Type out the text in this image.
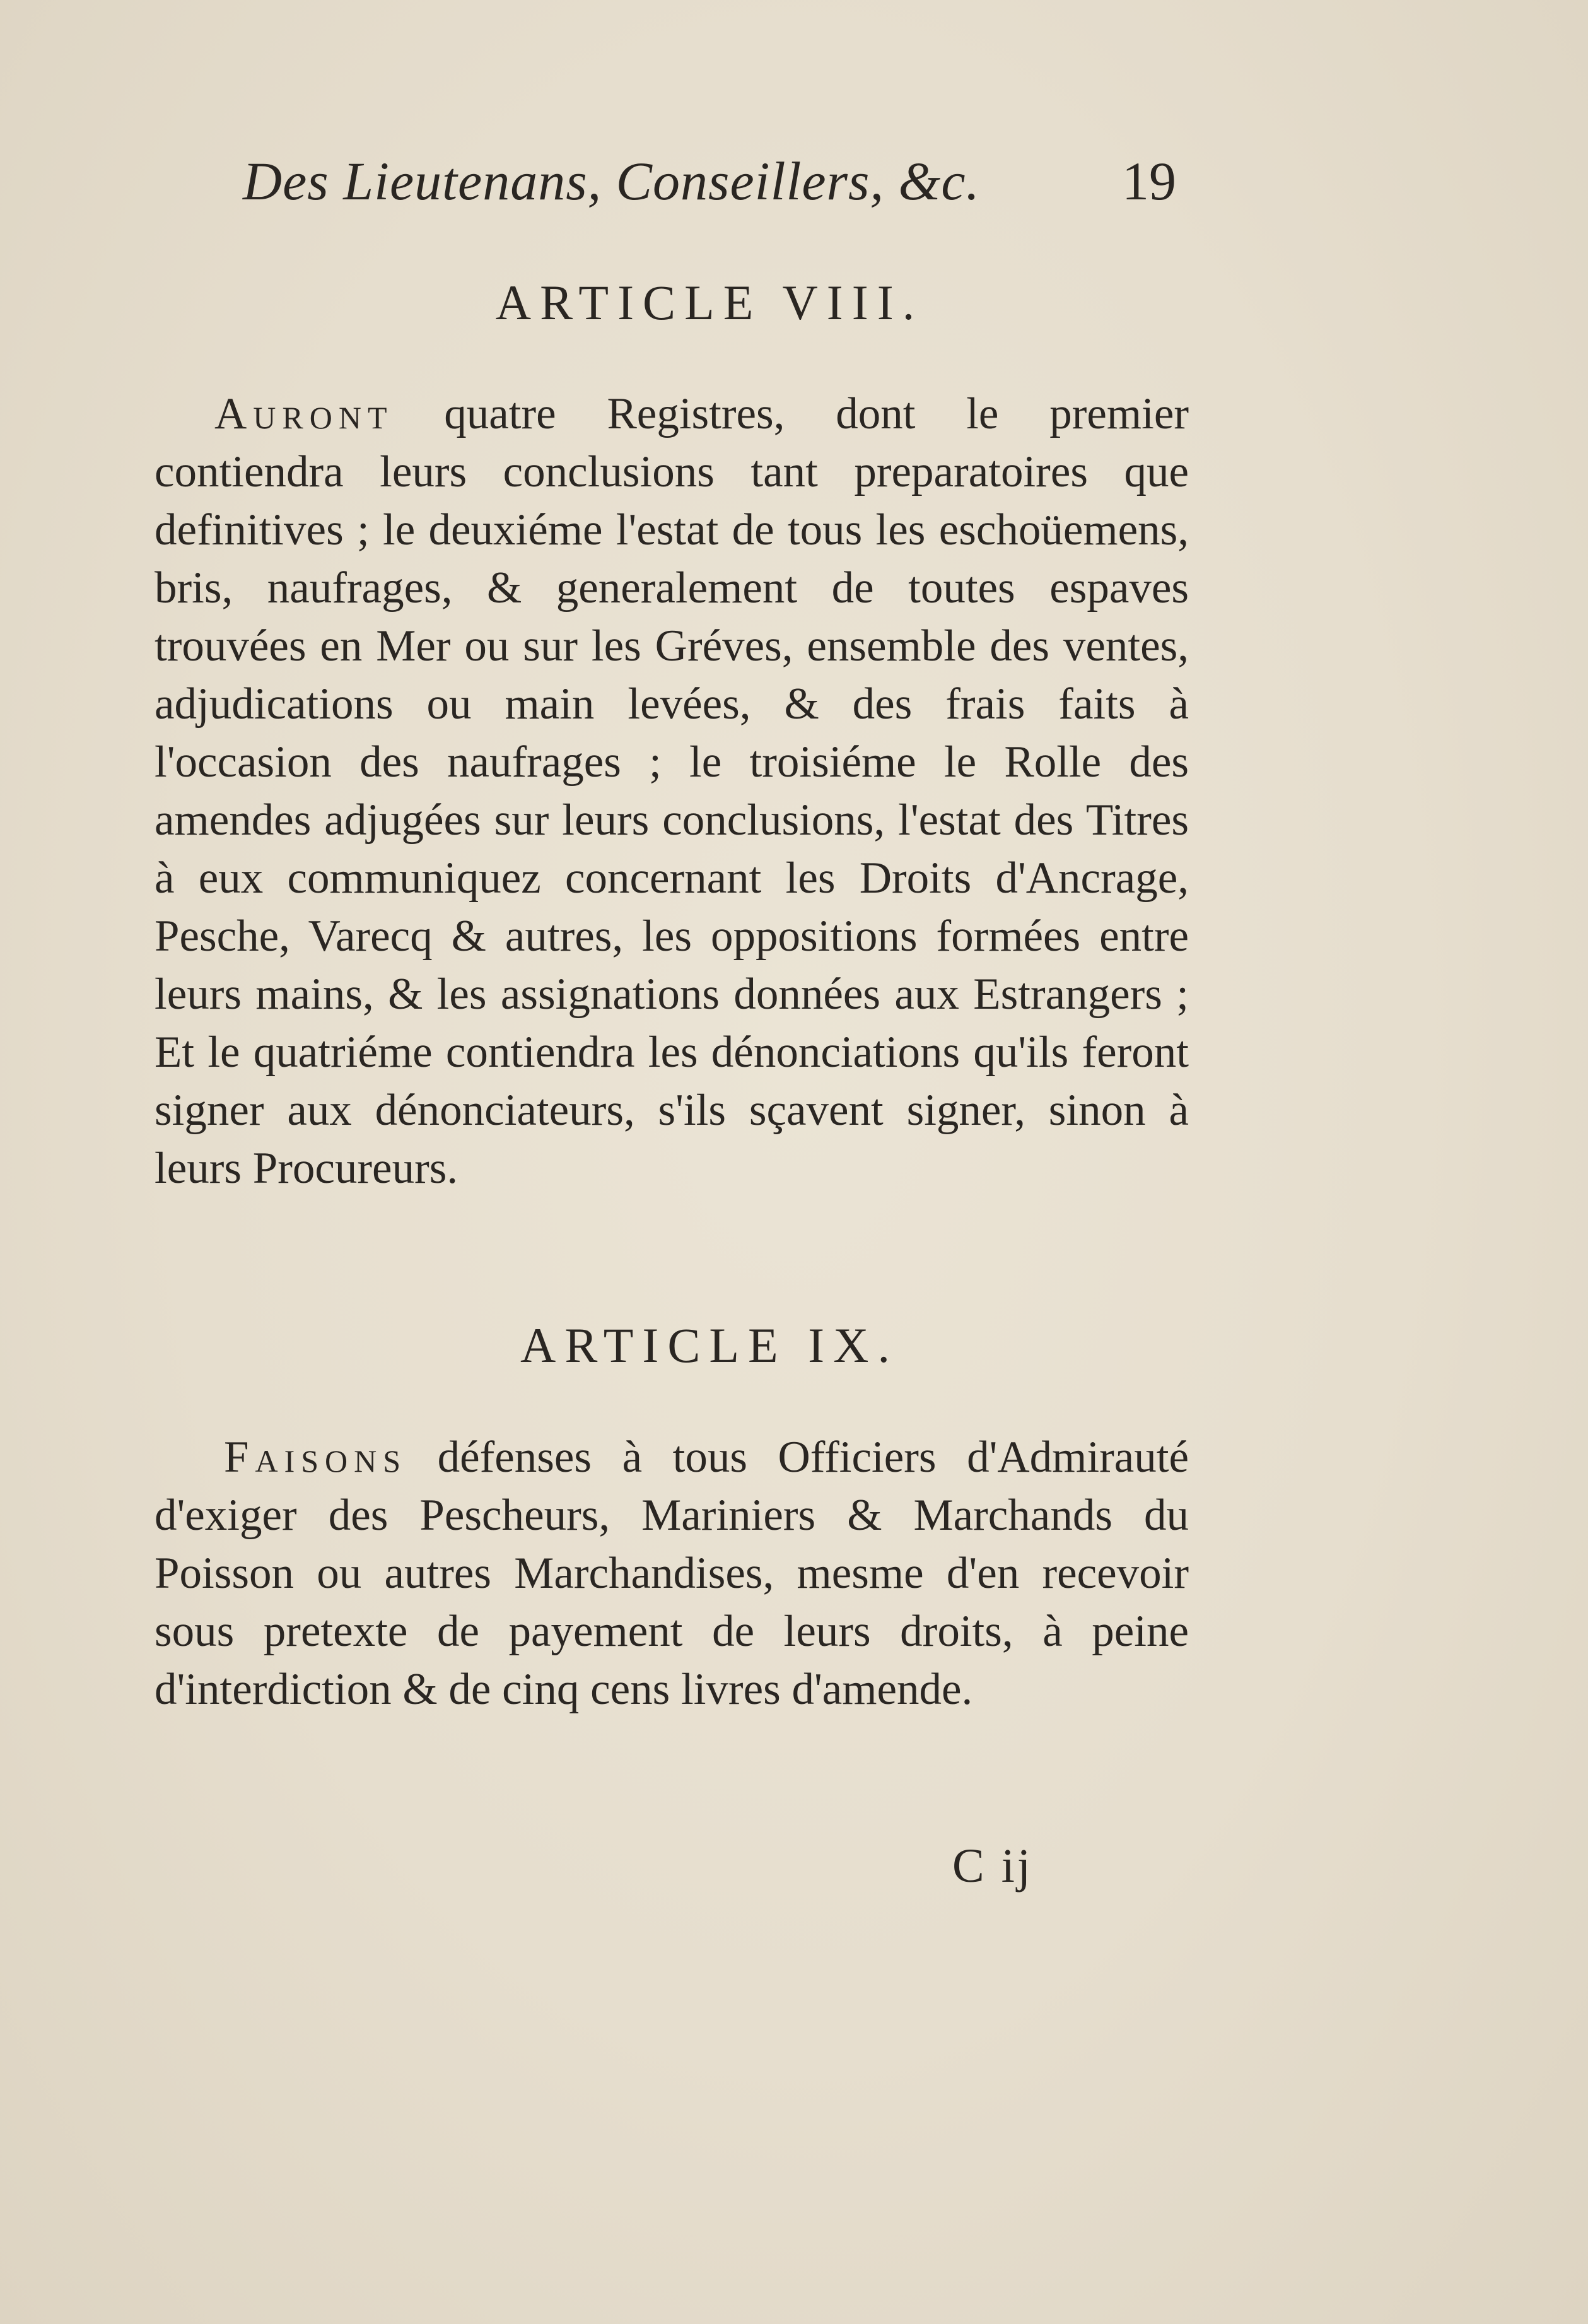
Des Lieutenans, Conseillers, &c.	19
ARTICLE VIII.

Auront quatre Registres, dont le premier contiendra leurs conclusions tant preparatoires que definitives ; le deuxiéme l'estat de tous les eschoüemens, bris, naufrages, & generalement de toutes espaves trouvées en Mer ou sur les Gréves, ensemble des ventes, adjudications ou main levées, & des frais faits à l'occasion des naufrages ; le troisiéme le Rolle des amendes adjugées sur leurs conclusions, l'estat des Titres à eux communiquez concernant les Droits d'Ancrage, Pesche, Varecq & autres, les oppositions formées entre leurs mains, & les assignations données aux Estrangers ; Et le quatriéme contiendra les dénonciations qu'ils feront signer aux dénonciateurs, s'ils sçavent signer, sinon à leurs Procureurs.

ARTICLE IX.

Faisons défenses à tous Officiers d'Admirauté d'exiger des Pescheurs, Mariniers & Marchands du Poisson ou autres Marchandises, mesme d'en recevoir sous pretexte de payement de leurs droits, à peine d'interdiction & de cinq cens livres d'amende.

C ij
